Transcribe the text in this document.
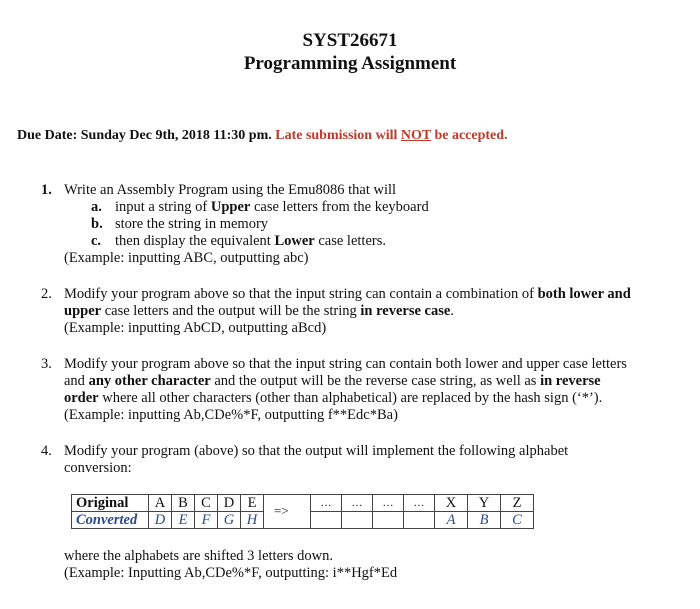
SYST26671
Programming Assignment
Due Date: Sunday Dec 9th, 2018 11:30 pm. Late submission will NOT be accepted.
1. Write an Assembly Program using the Emu8086 that will
a. input a string of Upper case letters from the keyboard
b. store the string in memory
c. then display the equivalent Lower case letters.
(Example: inputting ABC, outputting abc)
2. Modify your program above so that the input string can contain a combination of both lower and
upper case letters and the output will be the string in reverse case.
(Example: inputting AbCD, outputting aBcd)
3. Modify your program above so that the input string can contain both lower and upper case letters
and any other character and the output will be the reverse case string, as well as in reverse
order where all other characters (other than alphabetical) are replaced by the hash sign (‘*’).
(Example: inputting Ab,CDe%*F, outputting f**Edc*Ba)
4. Modify your program (above) so that the output will implement the following alphabet
conversion:
Original	A	B	C	D	E		…	…	…	…	X	Y	Z
Converted	D	E	F	G	H	=>					A	B	C
where the alphabets are shifted 3 letters down.
(Example: Inputting Ab,CDe%*F, outputting: i**Hgf*Ed
